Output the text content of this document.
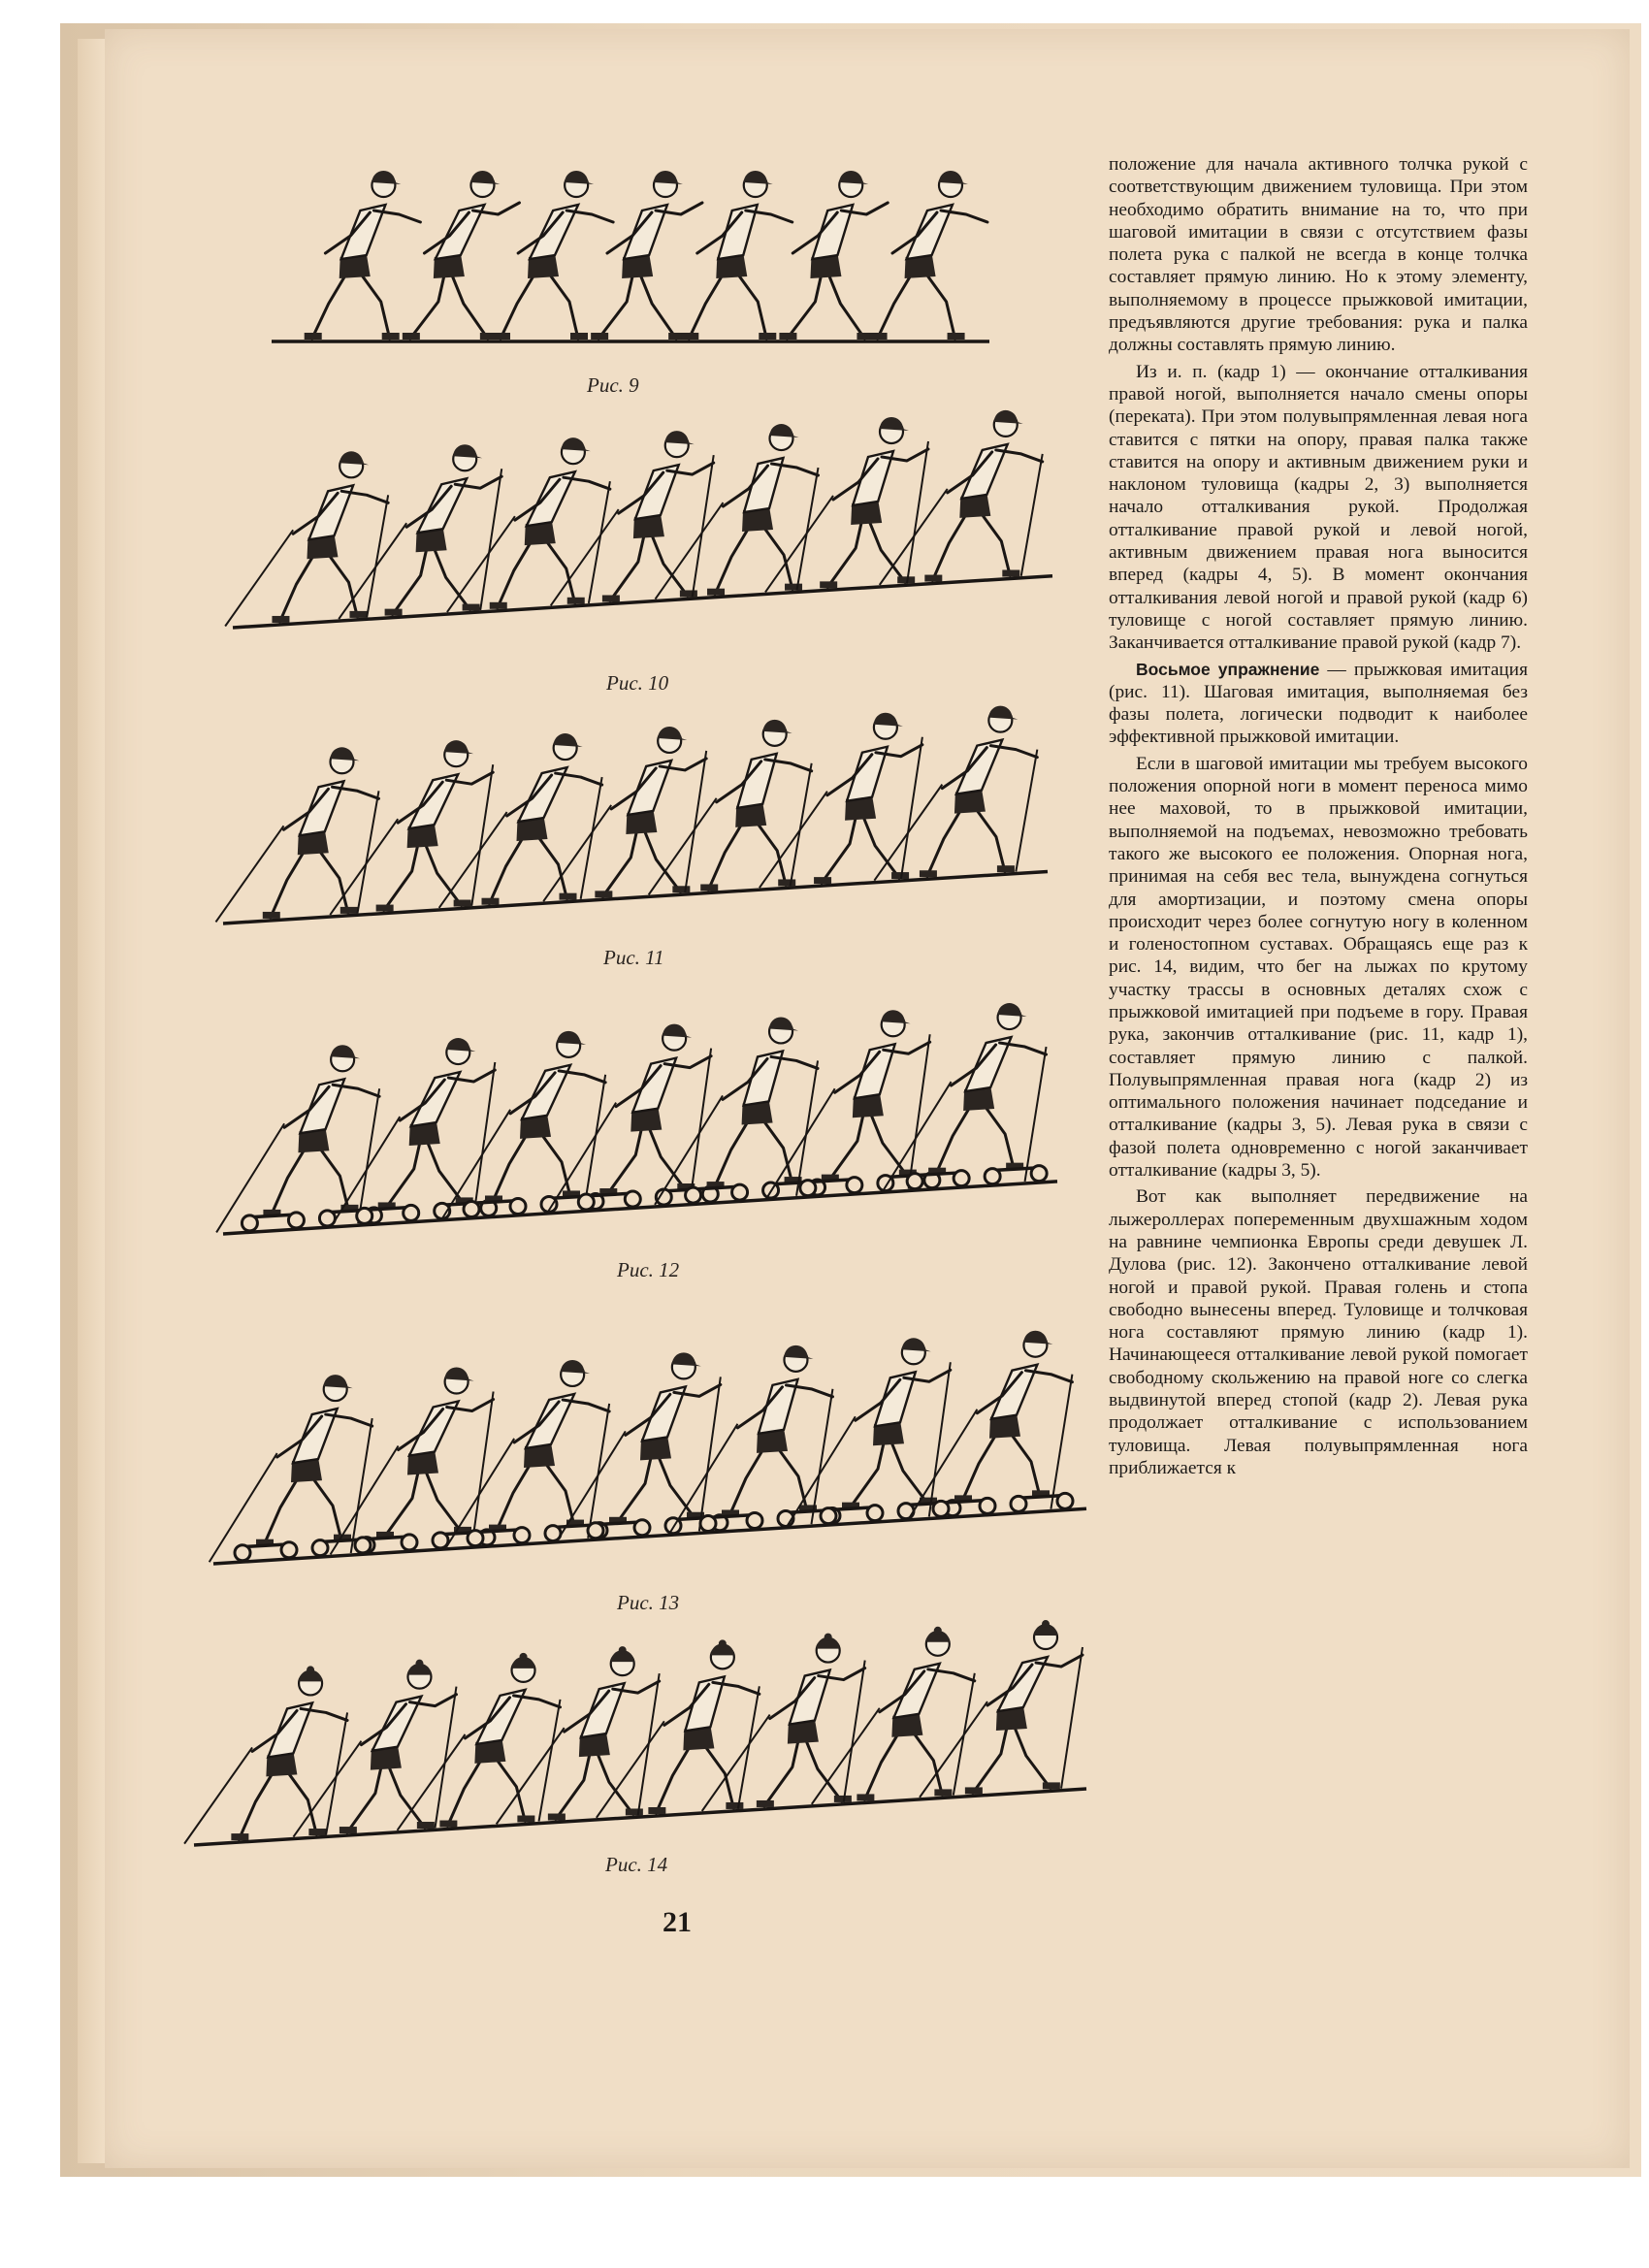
Рис. 9
Рис. 10
Рис. 11
Рис. 12
Рис. 13
Рис. 14
21

положение для начала активного толчка рукой с соответствующим движением туловища. При этом необходимо обратить внимание на то, что при шаговой имитации в связи с отсутствием фазы полета рука с палкой не всегда в конце толчка составляет прямую линию. Но к этому элементу, выполняемому в процессе прыжковой имитации, предъявляются другие требования: рука и палка должны составлять прямую линию.

Из и. п. (кадр 1) — окончание отталкивания правой ногой, выполняется начало смены опоры (переката). При этом полувыпрямленная левая нога ставится с пятки на опору, правая палка также ставится на опору и активным движением руки и наклоном туловища (кадры 2, 3) выполняется начало отталкивания рукой. Продолжая отталкивание правой рукой и левой ногой, активным движением правая нога выносится вперед (кадры 4, 5). В момент окончания отталкивания левой ногой и правой рукой (кадр 6) туловище с ногой составляет прямую линию. Заканчивается отталкивание правой рукой (кадр 7).

Восьмое упражнение — прыжковая имитация (рис. 11). Шаговая имитация, выполняемая без фазы полета, логически подводит к наиболее эффективной прыжковой имитации.

Если в шаговой имитации мы требуем высокого положения опорной ноги в момент переноса мимо нее маховой, то в прыжковой имитации, выполняемой на подъемах, невозможно требовать такого же высокого ее положения. Опорная нога, принимая на себя вес тела, вынуждена согнуться для амортизации, и поэтому смена опоры происходит через более согнутую ногу в коленном и голеностопном суставах. Обращаясь еще раз к рис. 14, видим, что бег на лыжах по крутому участку трассы в основных деталях схож с прыжковой имитацией при подъеме в гору. Правая рука, закончив отталкивание (рис. 11, кадр 1), составляет прямую линию с палкой. Полувыпрямленная правая нога (кадр 2) из оптимального положения начинает подседание и отталкивание (кадры 3, 5). Левая рука в связи с фазой полета одновременно с ногой заканчивает отталкивание (кадры 3, 5).

Вот как выполняет передвижение на лыжероллерах попеременным двухшажным ходом на равнине чемпионка Европы среди девушек Л. Дулова (рис. 12). Закончено отталкивание левой ногой и правой рукой. Правая голень и стопа свободно вынесены вперед. Туловище и толчковая нога составляют прямую линию (кадр 1). Начинающееся отталкивание левой рукой помогает свободному скольжению на правой ноге со слегка выдвинутой вперед стопой (кадр 2). Левая рука продолжает отталкивание с использованием туловища. Левая полувыпрямленная нога приближается к
